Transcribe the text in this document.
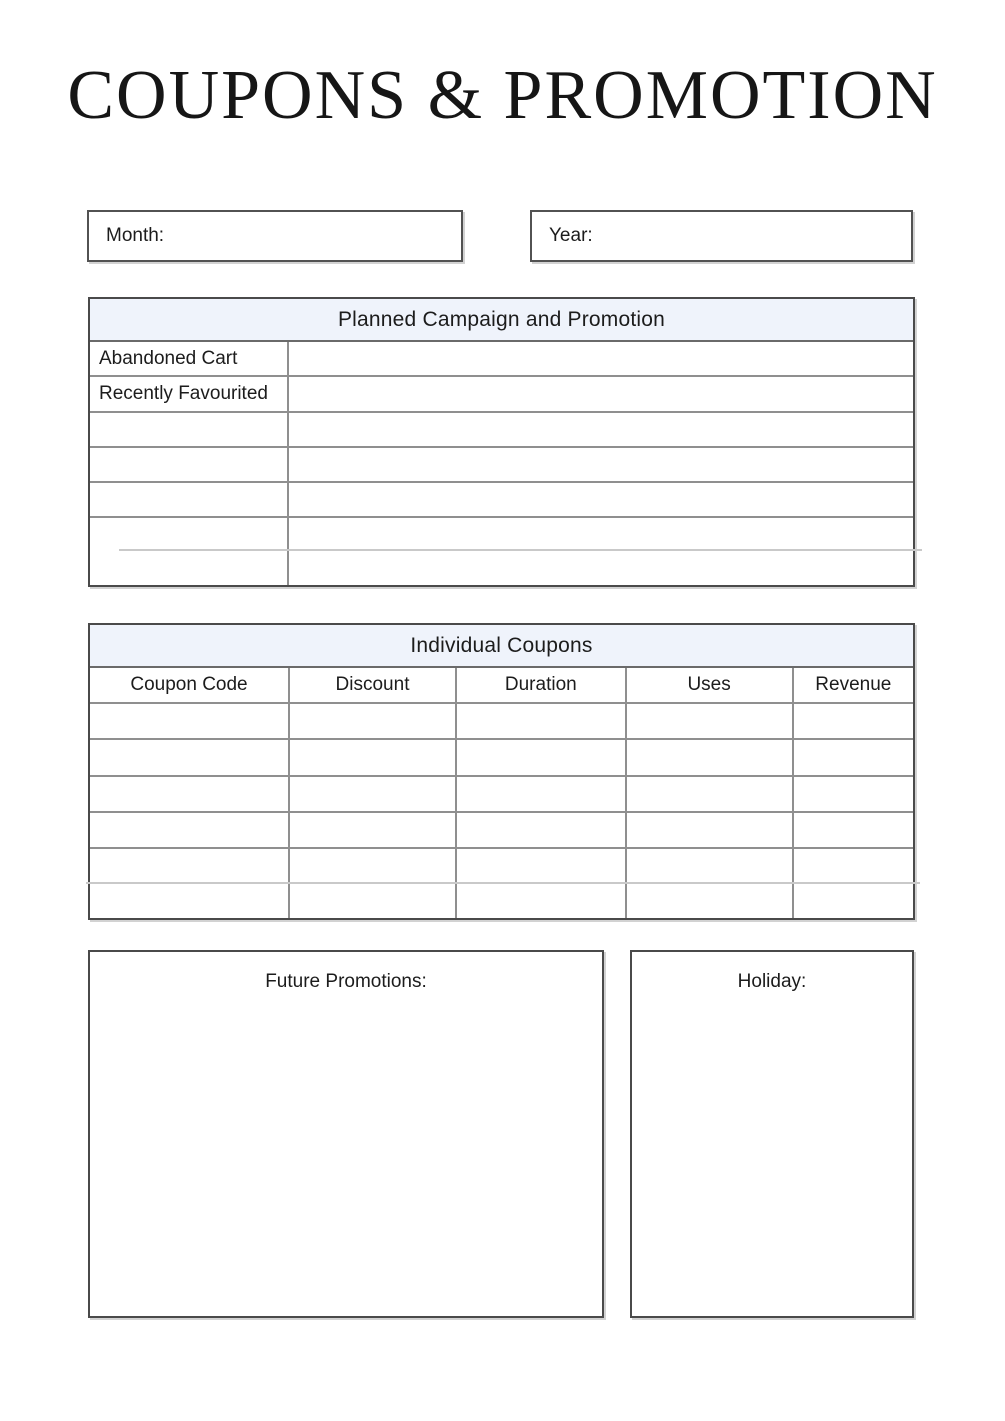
COUPONS & PROMOTION
Month:	Year:
Planned Campaign and Promotion
Abandoned Cart
Recently Favourited
Individual Coupons
Coupon Code	Discount	Duration	Uses	Revenue
Future Promotions:	Holiday:
